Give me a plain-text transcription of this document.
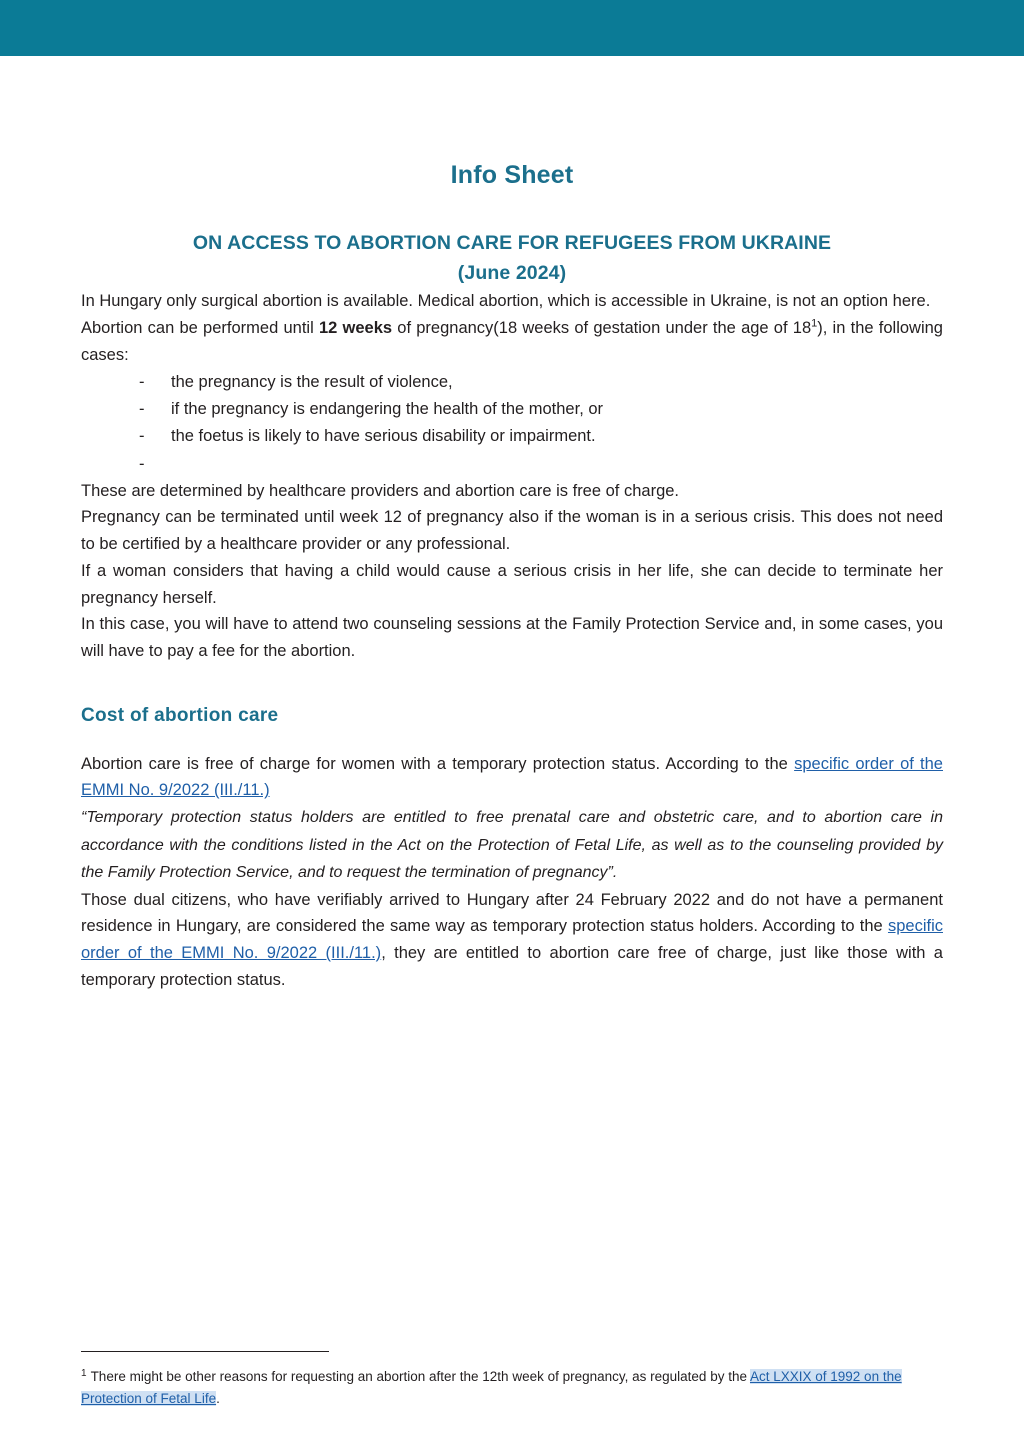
Info Sheet
ON ACCESS TO ABORTION CARE FOR REFUGEES FROM UKRAINE
(June 2024)

In Hungary only surgical abortion is available. Medical abortion, which is accessible in Ukraine, is not an option here.

Abortion can be performed until 12 weeks of pregnancy(18 weeks of gestation under the age of 18$^1$), in the following cases:

- the pregnancy is the result of violence,
- if the pregnancy is endangering the health of the mother, or
- the foetus is likely to have serious disability or impairment.
-

These are determined by healthcare providers and abortion care is free of charge.

Pregnancy can be terminated until week 12 of pregnancy also if the woman is in a serious crisis. This does not need to be certified by a healthcare provider or any professional.

If a woman considers that having a child would cause a serious crisis in her life, she can decide to terminate her pregnancy herself.

In this case, you will have to attend two counseling sessions at the Family Protection Service and, in some cases, you will have to pay a fee for the abortion.

Cost of abortion care

Abortion care is free of charge for women with a temporary protection status. According to the specific order of the EMMI No. 9/2022 (III./11.)

“Temporary protection status holders are entitled to free prenatal care and obstetric care, and to abortion care in accordance with the conditions listed in the Act on the Protection of Fetal Life, as well as to the counseling provided by the Family Protection Service, and to request the termination of pregnancy”.

Those dual citizens, who have verifiably arrived to Hungary after 24 February 2022 and do not have a permanent residence in Hungary, are considered the same way as temporary protection status holders. According to the specific order of the EMMI No. 9/2022 (III./11.), they are entitled to abortion care free of charge, just like those with a temporary protection status.

$^1$ There might be other reasons for requesting an abortion after the 12th week of pregnancy, as regulated by the Act LXXIX of 1992 on the Protection of Fetal Life.
